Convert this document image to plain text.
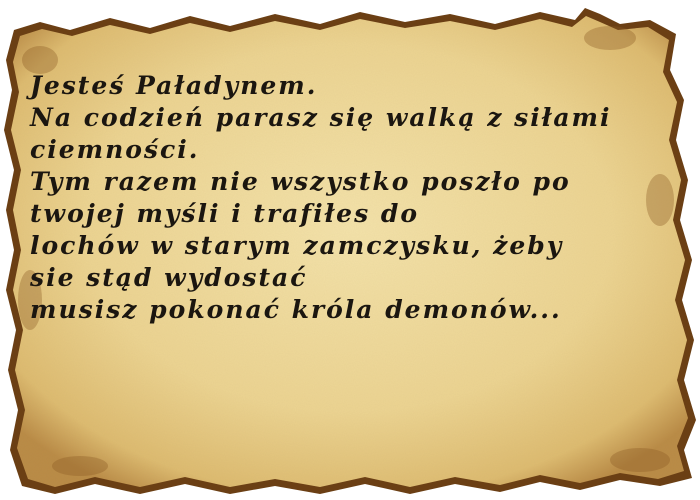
Jesteś Paładynem.
Na codzień parasz się walką z siłami
ciemności.
Tym razem nie wszystko poszło po
twojej myśli i trafiłes do
lochów w starym zamczysku, żeby
sie stąd wydostać
musisz pokonać króla demonów...
